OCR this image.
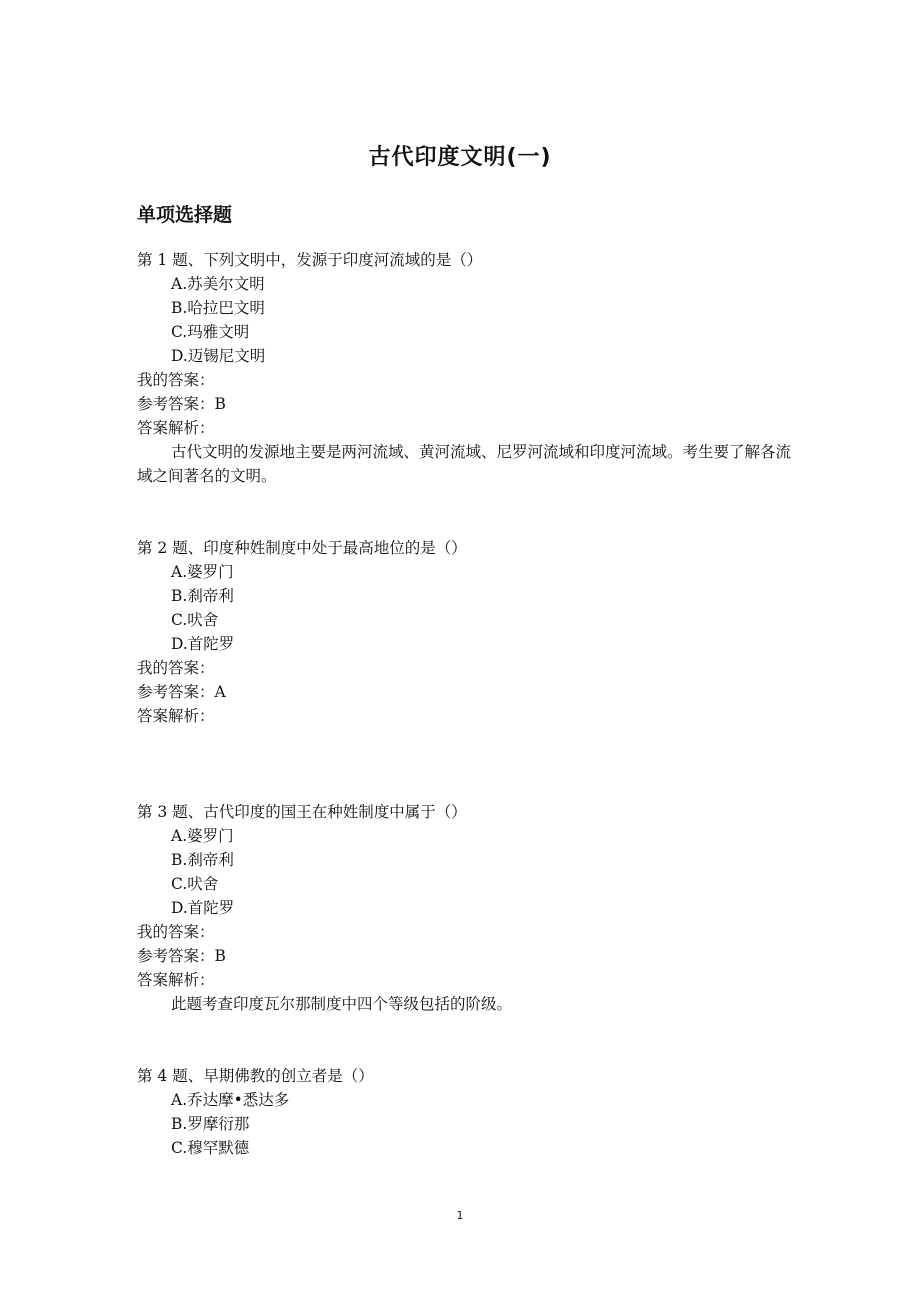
古代印度文明(一)
单项选择题
第 1 题、下列文明中，发源于印度河流域的是（）
A.苏美尔文明
B.哈拉巴文明
C.玛雅文明
D.迈锡尼文明
我的答案：
参考答案：B
答案解析：

古代文明的发源地主要是两河流域、黄河流域、尼罗河流域和印度河流域。考生要了解各流域之间著名的文明。

第 2 题、印度种姓制度中处于最高地位的是（）
A.婆罗门
B.刹帝利
C.吠舍
D.首陀罗
我的答案：
参考答案：A
答案解析：
第 3 题、古代印度的国王在种姓制度中属于（）
A.婆罗门
B.刹帝利
C.吠舍
D.首陀罗
我的答案：
参考答案：B
答案解析：

此题考查印度瓦尔那制度中四个等级包括的阶级。

第 4 题、早期佛教的创立者是（）
A.乔达摩•悉达多
B.罗摩衍那
C.穆罕默德
1
